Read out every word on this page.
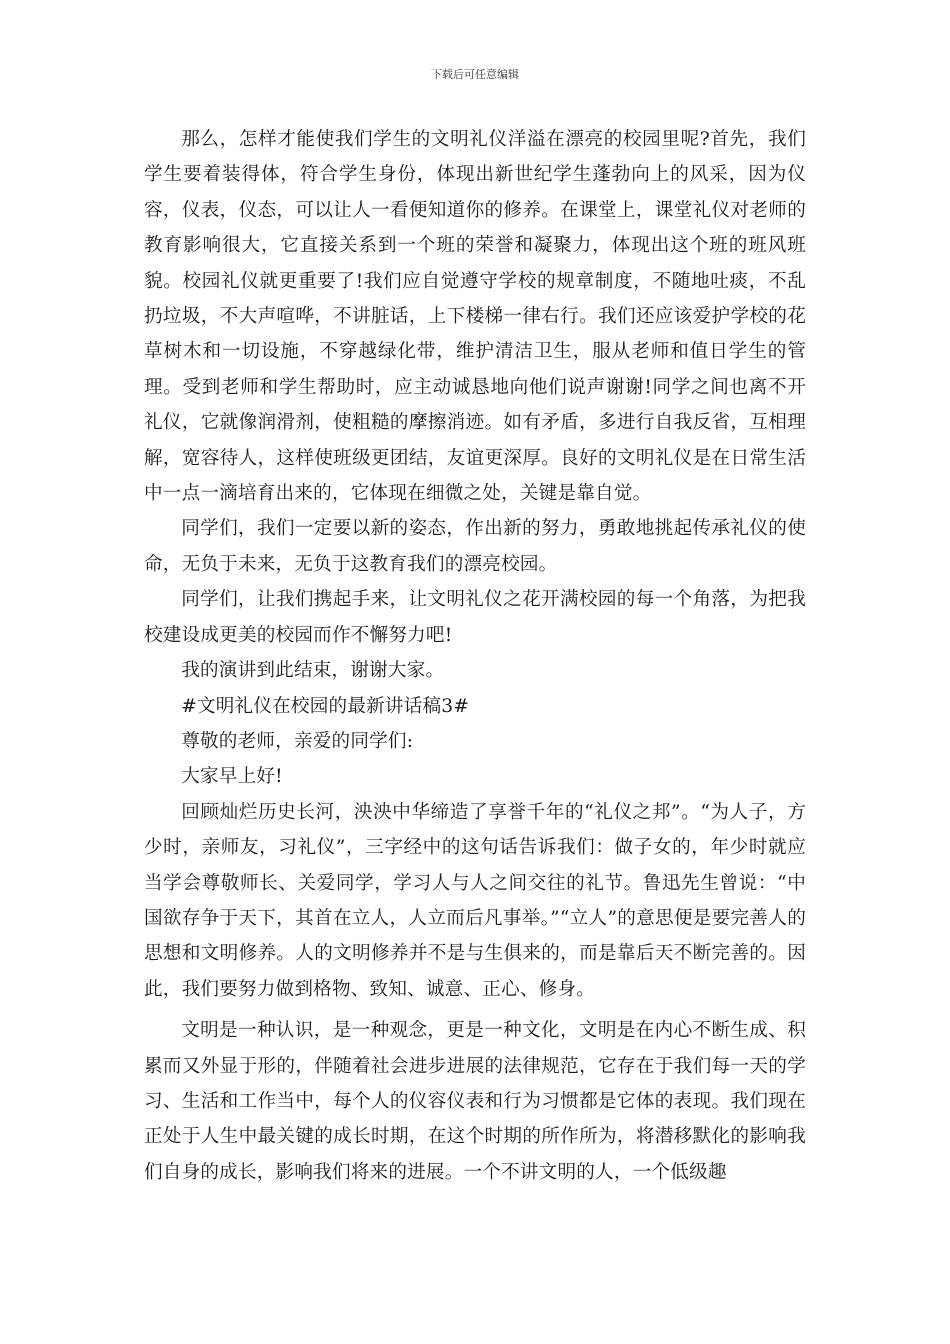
下载后可任意编辑

那么，怎样才能使我们学生的文明礼仪洋溢在漂亮的校园里呢?首先，我们学生要着装得体，符合学生身份，体现出新世纪学生蓬勃向上的风采，因为仪容，仪表，仪态，可以让人一看便知道你的修养。在课堂上，课堂礼仪对老师的教育影响很大，它直接关系到一个班的荣誉和凝聚力，体现出这个班的班风班貌。校园礼仪就更重要了!我们应自觉遵守学校的规章制度，不随地吐痰，不乱扔垃圾，不大声喧哗，不讲脏话，上下楼梯一律右行。我们还应该爱护学校的花草树木和一切设施，不穿越绿化带，维护清洁卫生，服从老师和值日学生的管理。受到老师和学生帮助时，应主动诚恳地向他们说声谢谢!同学之间也离不开礼仪，它就像润滑剂，使粗糙的摩擦消迹。如有矛盾，多进行自我反省，互相理解，宽容待人，这样使班级更团结，友谊更深厚。良好的文明礼仪是在日常生活中一点一滴培育出来的，它体现在细微之处，关键是靠自觉。

同学们，我们一定要以新的姿态，作出新的努力，勇敢地挑起传承礼仪的使命，无负于未来，无负于这教育我们的漂亮校园。

同学们，让我们携起手来，让文明礼仪之花开满校园的每一个角落，为把我校建设成更美的校园而作不懈努力吧!

我的演讲到此结束，谢谢大家。

#文明礼仪在校园的最新讲话稿3#

尊敬的老师，亲爱的同学们:

大家早上好!

回顾灿烂历史长河，泱泱中华缔造了享誉千年的“礼仪之邦”。“为人子，方少时，亲师友，习礼仪”，三字经中的这句话告诉我们：做子女的，年少时就应当学会尊敬师长、关爱同学，学习人与人之间交往的礼节。鲁迅先生曾说：“中国欲存争于天下，其首在立人，人立而后凡事举。”“立人”的意思便是要完善人的思想和文明修养。人的文明修养并不是与生俱来的，而是靠后天不断完善的。因此，我们要努力做到格物、致知、诚意、正心、修身。

文明是一种认识，是一种观念，更是一种文化，文明是在内心不断生成、积累而又外显于形的，伴随着社会进步进展的法律规范，它存在于我们每一天的学习、生活和工作当中，每个人的仪容仪表和行为习惯都是它体的表现。我们现在正处于人生中最关键的成长时期，在这个时期的所作所为，将潜移默化的影响我们自身的成长，影响我们将来的进展。一个不讲文明的人，一个低级趣
